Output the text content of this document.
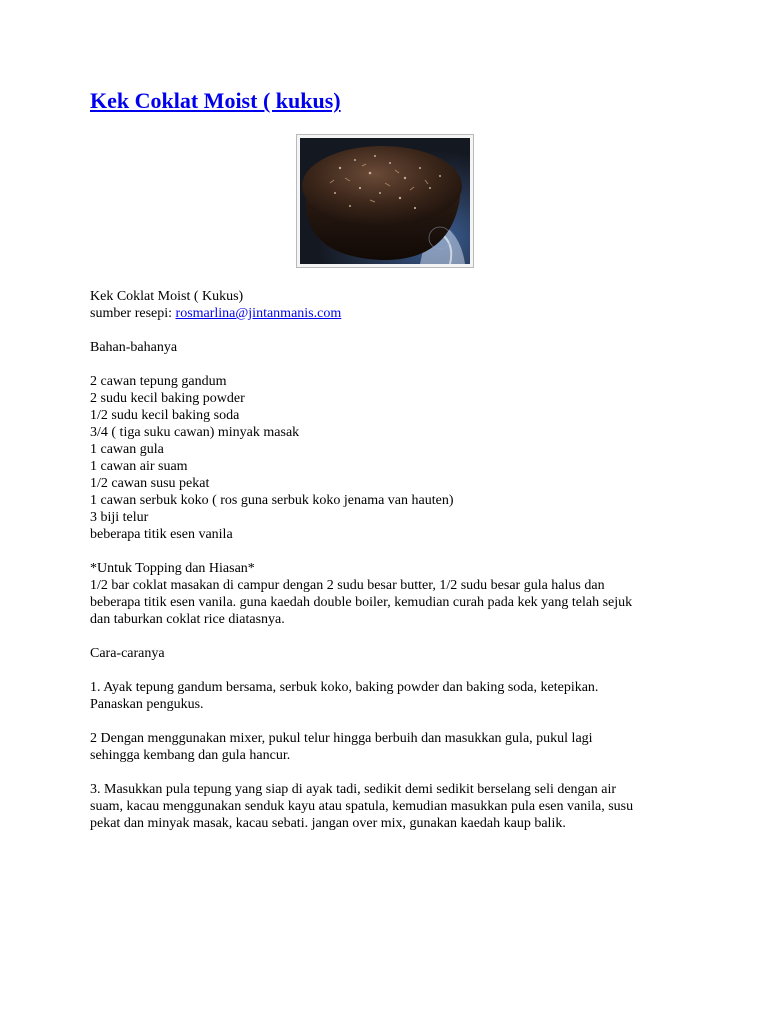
Kek Coklat Moist ( kukus)

Kek Coklat Moist ( Kukus)

sumber resepi: rosmarlina@jintanmanis.com

Bahan-bahanya

2 cawan tepung gandum

2 sudu kecil baking powder

1/2 sudu kecil baking soda

3/4 ( tiga suku cawan) minyak masak

1 cawan gula

1 cawan air suam

1/2 cawan susu pekat

1 cawan serbuk koko ( ros guna serbuk koko jenama van hauten)

3 biji telur

beberapa titik esen vanila

*Untuk Topping dan Hiasan*

1/2 bar coklat masakan di campur dengan 2 sudu besar butter, 1/2 sudu besar gula halus dan

beberapa titik esen vanila. guna kaedah double boiler, kemudian curah pada kek yang telah sejuk

dan taburkan coklat rice diatasnya.

Cara-caranya

1. Ayak tepung gandum bersama, serbuk koko, baking powder dan baking soda, ketepikan.

Panaskan pengukus.

2 Dengan menggunakan mixer, pukul telur hingga berbuih dan masukkan gula, pukul lagi

sehingga kembang dan gula hancur.

3. Masukkan pula tepung yang siap di ayak tadi, sedikit demi sedikit berselang seli dengan air

suam, kacau menggunakan senduk kayu atau spatula, kemudian masukkan pula esen vanila, susu

pekat dan minyak masak, kacau sebati. jangan over mix, gunakan kaedah kaup balik.
